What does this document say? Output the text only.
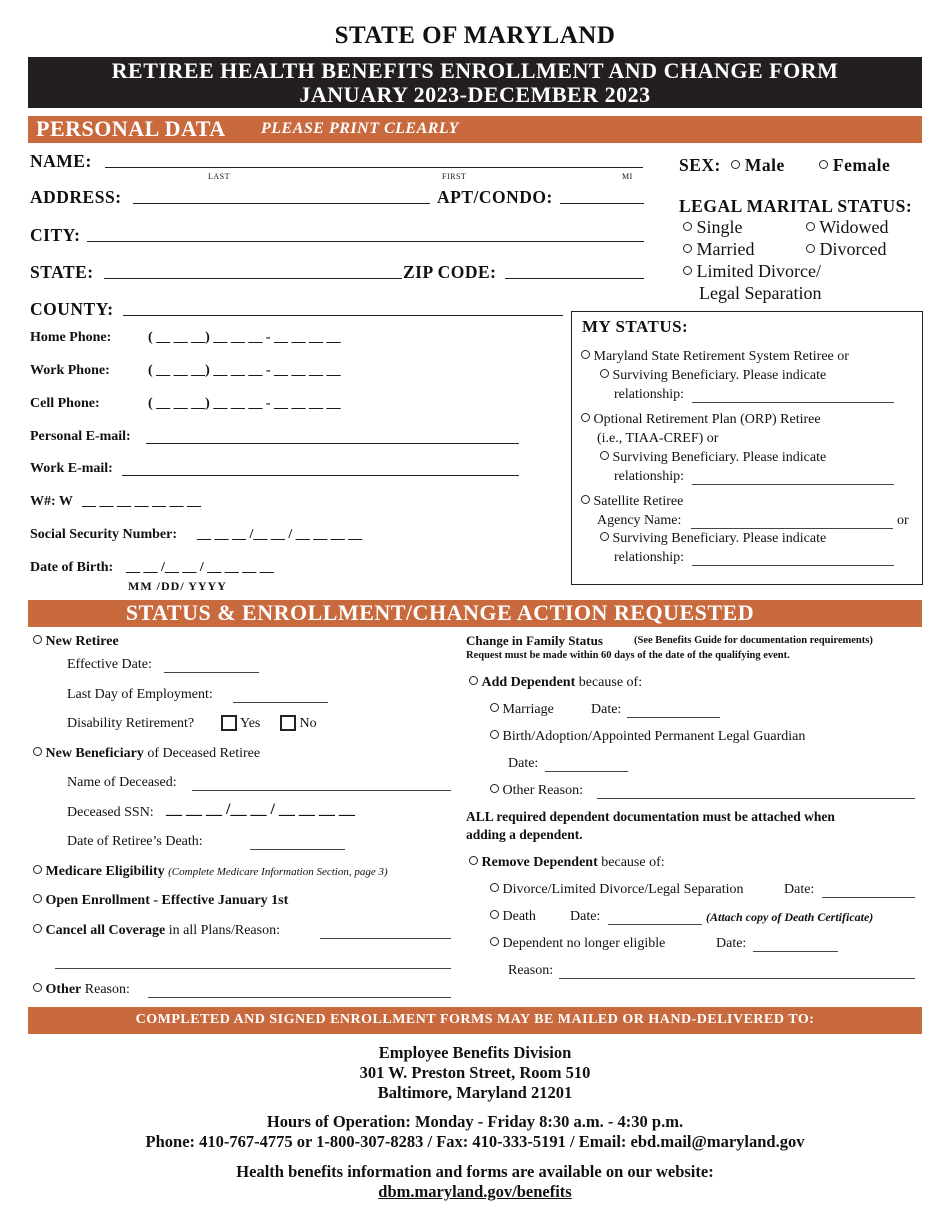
STATE OF MARYLAND
RETIREE HEALTH BENEFITS ENROLLMENT AND CHANGE FORM
JANUARY 2023-DECEMBER 2023
PERSONAL DATA PLEASE PRINT CLEARLY
NAME:
LAST	FIRST	MI
ADDRESS:	APT/CONDO:
CITY:
STATE:	ZIP CODE:
COUNTY:
Home Phone:	( __ __ __) __ __ __ - __ __ __ __
Work Phone:	( __ __ __) __ __ __ - __ __ __ __
Cell Phone:	( __ __ __) __ __ __ - __ __ __ __
Personal E-mail:
Work E-mail:
W#: W __ __ __ __ __ __ __
Social Security Number: __ __ __ /__ __ / __ __ __ __
Date of Birth: __ __ /__ __ / __ __ __ __
MM /DD/ YYYY
SEX:	Male	Female
LEGAL MARITAL STATUS:
Single	Widowed
Married	Divorced
Limited Divorce/
Legal Separation
MY STATUS:
Maryland State Retirement System Retiree or
Surviving Beneficiary. Please indicate
relationship:
Optional Retirement Plan (ORP) Retiree
(i.e., TIAA-CREF) or
Surviving Beneficiary. Please indicate
relationship:
Satellite Retiree
Agency Name:	or
Surviving Beneficiary. Please indicate
relationship:
STATUS & ENROLLMENT/CHANGE ACTION REQUESTED
New Retiree
Effective Date:
Last Day of Employment:
Disability Retirement?	Yes	No
New Beneficiary of Deceased Retiree
Name of Deceased:
Deceased SSN: __ __ __ /__ __ / __ __ __ __
Date of Retiree’s Death:
Medicare Eligibility (Complete Medicare Information Section, page 3)
Open Enrollment - Effective January 1st
Cancel all Coverage in all Plans/Reason:
Other Reason:
Change in Family Status	(See Benefits Guide for documentation requirements)
Request must be made within 60 days of the date of the qualifying event.
Add Dependent because of:
Marriage	Date:
Birth/Adoption/Appointed Permanent Legal Guardian
Date:
Other Reason:
ALL required dependent documentation must be attached when
adding a dependent.
Remove Dependent because of:
Divorce/Limited Divorce/Legal Separation	Date:
Death Date:	(Attach copy of Death Certificate)
Dependent no longer eligible	Date:
Reason:
COMPLETED AND SIGNED ENROLLMENT FORMS MAY BE MAILED OR HAND-DELIVERED TO:
Employee Benefits Division
301 W. Preston Street, Room 510
Baltimore, Maryland 21201
Hours of Operation: Monday - Friday 8:30 a.m. - 4:30 p.m.
Phone: 410-767-4775 or 1-800-307-8283 / Fax: 410-333-5191 / Email: ebd.mail@maryland.gov
Health benefits information and forms are available on our website:
dbm.maryland.gov/benefits
